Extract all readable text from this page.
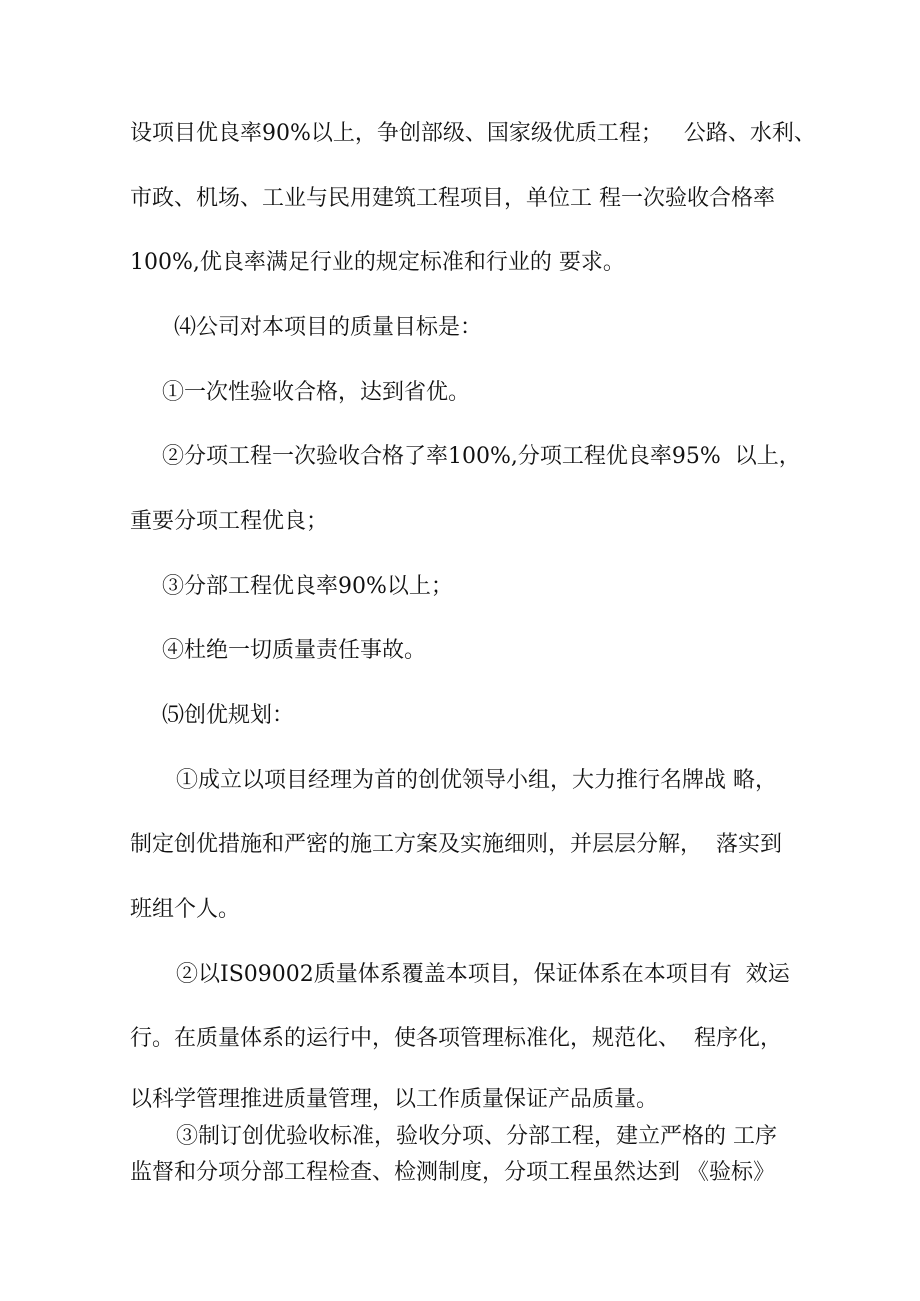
设项目优良率90%以上，争创部级、国家级优质工程；   公路、水利、
市政、机场、工业与民用建筑工程项目，单位工 程一次验收合格率
100%,优良率满足行业的规定标准和行业的 要求。
⑷公司对本项目的质量目标是：
①一次性验收合格，达到省优。
②分项工程一次验收合格了率100%,分项工程优良率95%  以上，
重要分项工程优良；
③分部工程优良率90%以上；
④杜绝一切质量责任事故。
⑸创优规划：
①成立以项目经理为首的创优领导小组，大力推行名牌战 略，
制定创优措施和严密的施工方案及实施细则，并层层分解，  落实到
班组个人。
②以IS09002质量体系覆盖本项目，保证体系在本项目有  效运
行。在质量体系的运行中，使各项管理标准化，规范化、  程序化，
以科学管理推进质量管理，以工作质量保证产品质量。
③制订创优验收标准，验收分项、分部工程，建立严格的 工序
监督和分项分部工程检查、检测制度，分项工程虽然达到 《验标》
